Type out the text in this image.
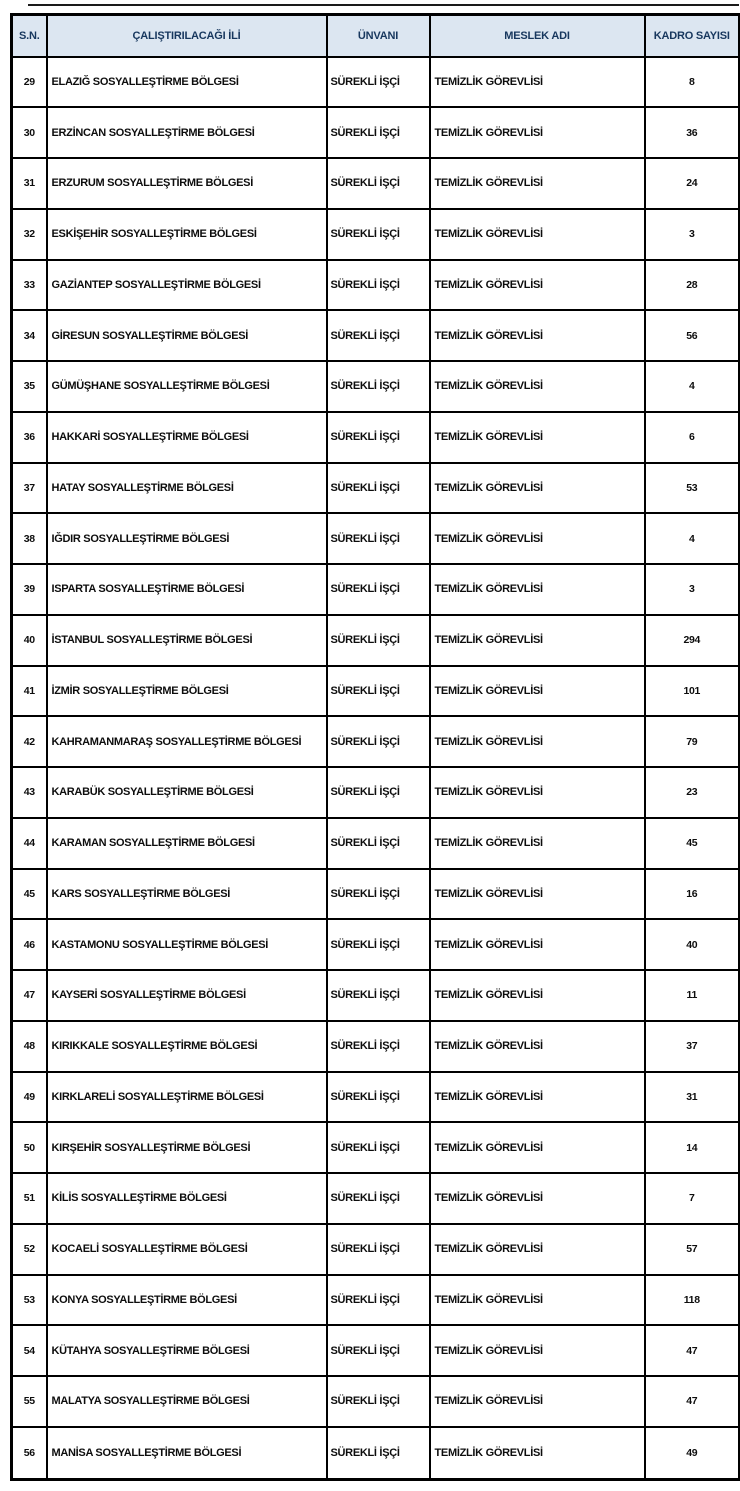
S.N.	ÇALIŞTIRILACAĞI İLİ	ÜNVANI	MESLEK ADI	KADRO SAYISI
29	ELAZIĞ SOSYALLEŞTİRME BÖLGESİ	SÜREKLİ İŞÇİ	TEMİZLİK GÖREVLİSİ	8
30	ERZİNCAN SOSYALLEŞTİRME BÖLGESİ	SÜREKLİ İŞÇİ	TEMİZLİK GÖREVLİSİ	36
31	ERZURUM SOSYALLEŞTİRME BÖLGESİ	SÜREKLİ İŞÇİ	TEMİZLİK GÖREVLİSİ	24
32	ESKİŞEHİR SOSYALLEŞTİRME BÖLGESİ	SÜREKLİ İŞÇİ	TEMİZLİK GÖREVLİSİ	3
33	GAZİANTEP SOSYALLEŞTİRME BÖLGESİ	SÜREKLİ İŞÇİ	TEMİZLİK GÖREVLİSİ	28
34	GİRESUN SOSYALLEŞTİRME BÖLGESİ	SÜREKLİ İŞÇİ	TEMİZLİK GÖREVLİSİ	56
35	GÜMÜŞHANE SOSYALLEŞTİRME BÖLGESİ	SÜREKLİ İŞÇİ	TEMİZLİK GÖREVLİSİ	4
36	HAKKARİ SOSYALLEŞTİRME BÖLGESİ	SÜREKLİ İŞÇİ	TEMİZLİK GÖREVLİSİ	6
37	HATAY SOSYALLEŞTİRME BÖLGESİ	SÜREKLİ İŞÇİ	TEMİZLİK GÖREVLİSİ	53
38	IĞDIR SOSYALLEŞTİRME BÖLGESİ	SÜREKLİ İŞÇİ	TEMİZLİK GÖREVLİSİ	4
39	ISPARTA SOSYALLEŞTİRME BÖLGESİ	SÜREKLİ İŞÇİ	TEMİZLİK GÖREVLİSİ	3
40	İSTANBUL SOSYALLEŞTİRME BÖLGESİ	SÜREKLİ İŞÇİ	TEMİZLİK GÖREVLİSİ	294
41	İZMİR SOSYALLEŞTİRME BÖLGESİ	SÜREKLİ İŞÇİ	TEMİZLİK GÖREVLİSİ	101
42	KAHRAMANMARAŞ SOSYALLEŞTİRME BÖLGESİ	SÜREKLİ İŞÇİ	TEMİZLİK GÖREVLİSİ	79
43	KARABÜK SOSYALLEŞTİRME BÖLGESİ	SÜREKLİ İŞÇİ	TEMİZLİK GÖREVLİSİ	23
44	KARAMAN SOSYALLEŞTİRME BÖLGESİ	SÜREKLİ İŞÇİ	TEMİZLİK GÖREVLİSİ	45
45	KARS SOSYALLEŞTİRME BÖLGESİ	SÜREKLİ İŞÇİ	TEMİZLİK GÖREVLİSİ	16
46	KASTAMONU SOSYALLEŞTİRME BÖLGESİ	SÜREKLİ İŞÇİ	TEMİZLİK GÖREVLİSİ	40
47	KAYSERİ SOSYALLEŞTİRME BÖLGESİ	SÜREKLİ İŞÇİ	TEMİZLİK GÖREVLİSİ	11
48	KIRIKKALE SOSYALLEŞTİRME BÖLGESİ	SÜREKLİ İŞÇİ	TEMİZLİK GÖREVLİSİ	37
49	KIRKLARELİ SOSYALLEŞTİRME BÖLGESİ	SÜREKLİ İŞÇİ	TEMİZLİK GÖREVLİSİ	31
50	KIRŞEHİR SOSYALLEŞTİRME BÖLGESİ	SÜREKLİ İŞÇİ	TEMİZLİK GÖREVLİSİ	14
51	KİLİS SOSYALLEŞTİRME BÖLGESİ	SÜREKLİ İŞÇİ	TEMİZLİK GÖREVLİSİ	7
52	KOCAELİ SOSYALLEŞTİRME BÖLGESİ	SÜREKLİ İŞÇİ	TEMİZLİK GÖREVLİSİ	57
53	KONYA SOSYALLEŞTİRME BÖLGESİ	SÜREKLİ İŞÇİ	TEMİZLİK GÖREVLİSİ	118
54	KÜTAHYA SOSYALLEŞTİRME BÖLGESİ	SÜREKLİ İŞÇİ	TEMİZLİK GÖREVLİSİ	47
55	MALATYA SOSYALLEŞTİRME BÖLGESİ	SÜREKLİ İŞÇİ	TEMİZLİK GÖREVLİSİ	47
56	MANİSA SOSYALLEŞTİRME BÖLGESİ	SÜREKLİ İŞÇİ	TEMİZLİK GÖREVLİSİ	49
